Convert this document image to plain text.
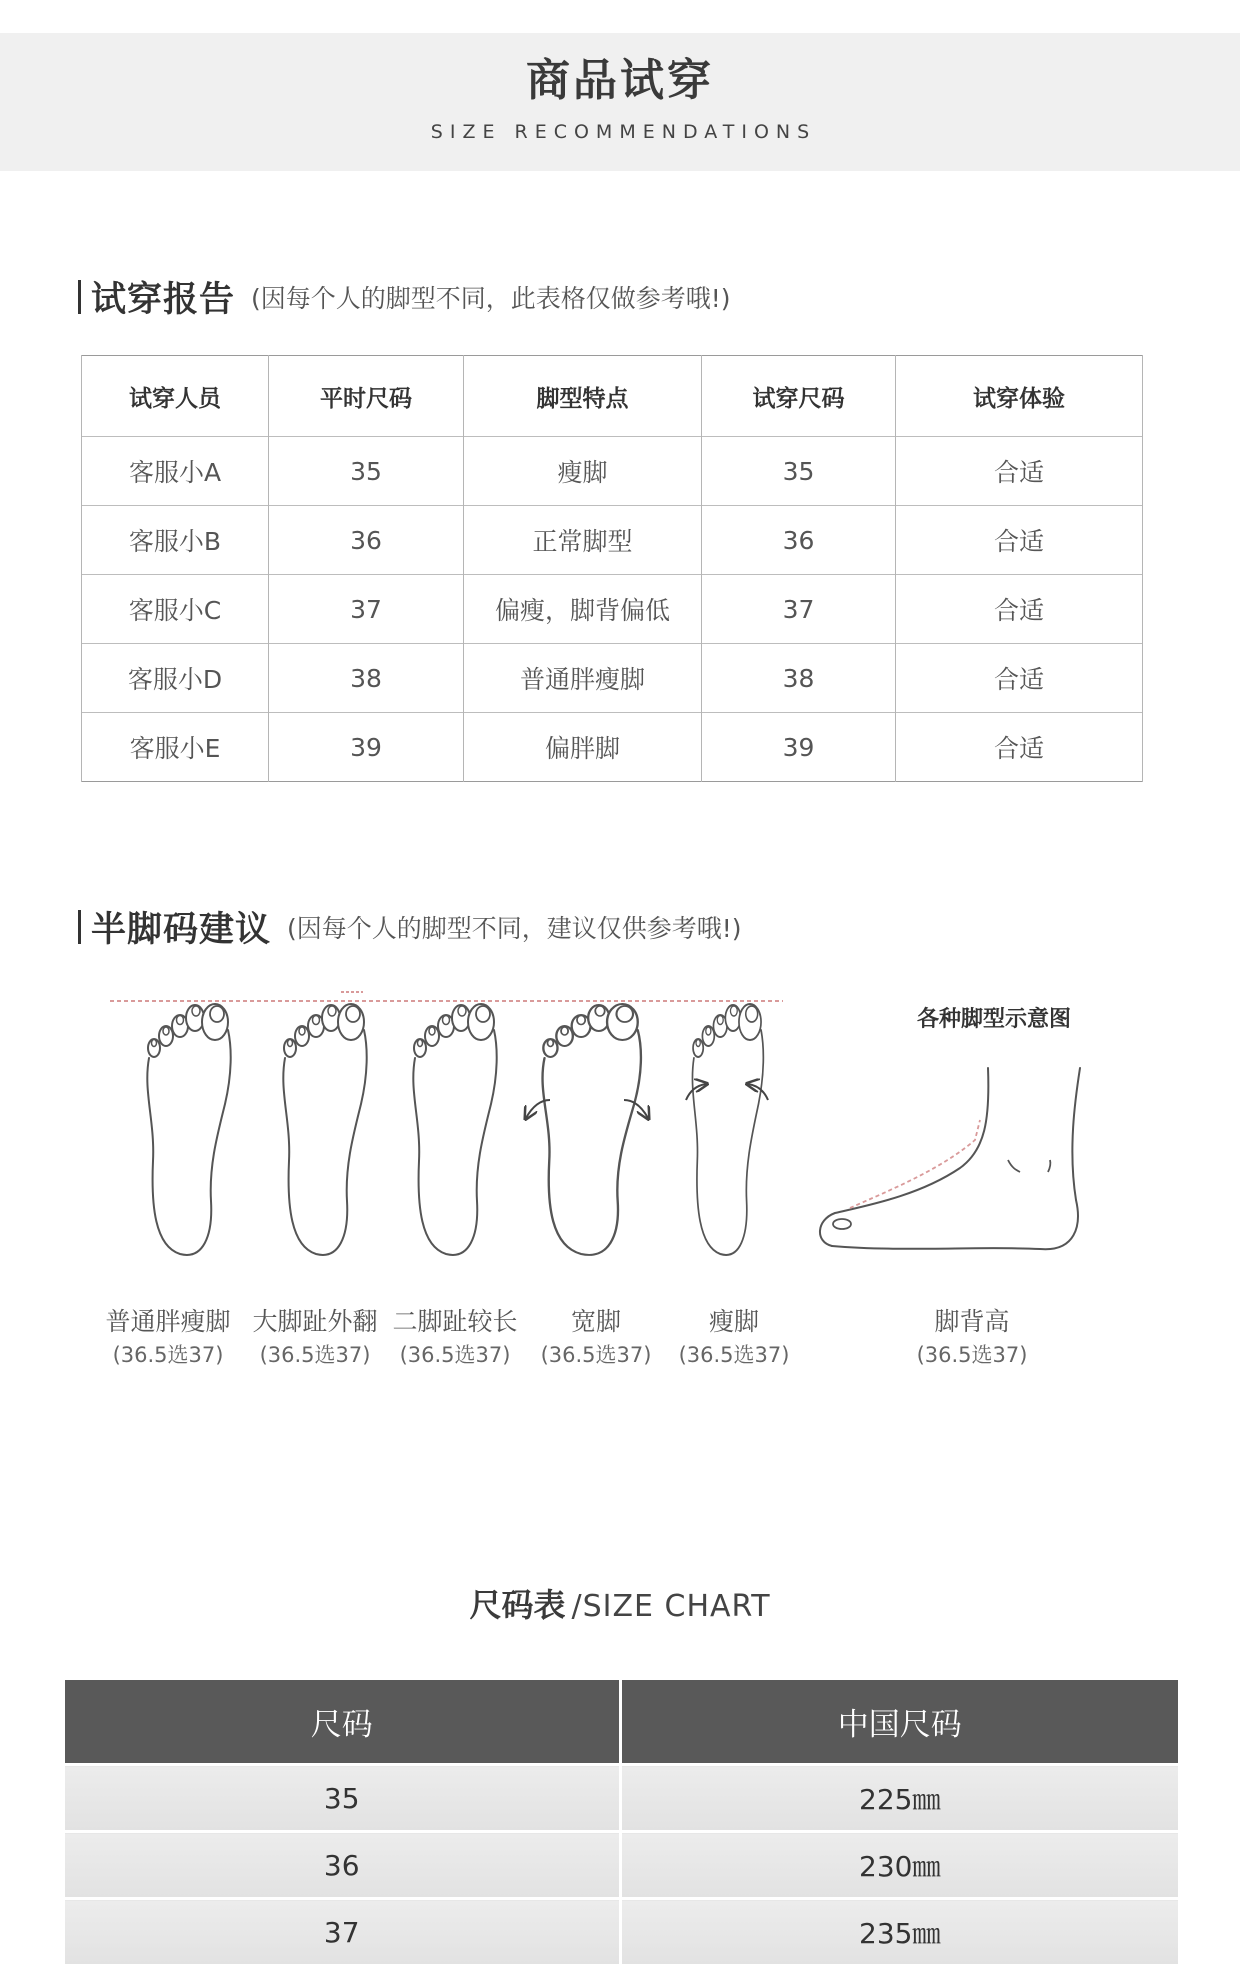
商品试穿
SIZE RECOMMENDATIONS
试穿报告 (因每个人的脚型不同，此表格仅做参考哦!)
试穿人员	平时尺码	脚型特点	试穿尺码	试穿体验
客服小A	35	瘦脚	35	合适
客服小B	36	正常脚型	36	合适
客服小C	37	偏瘦，脚背偏低	37	合适
客服小D	38	普通胖瘦脚	38	合适
客服小E	39	偏胖脚	39	合适
半脚码建议 (因每个人的脚型不同，建议仅供参考哦!)
各种脚型示意图
普通胖瘦脚
(36.5选37)
大脚趾外翻
(36.5选37)
二脚趾较长
(36.5选37)
宽脚
(36.5选37)
瘦脚
(36.5选37)
脚背高
(36.5选37)
尺码表 /SIZE CHART
尺码	中国尺码
35	225㎜
36	230㎜
37	235㎜
